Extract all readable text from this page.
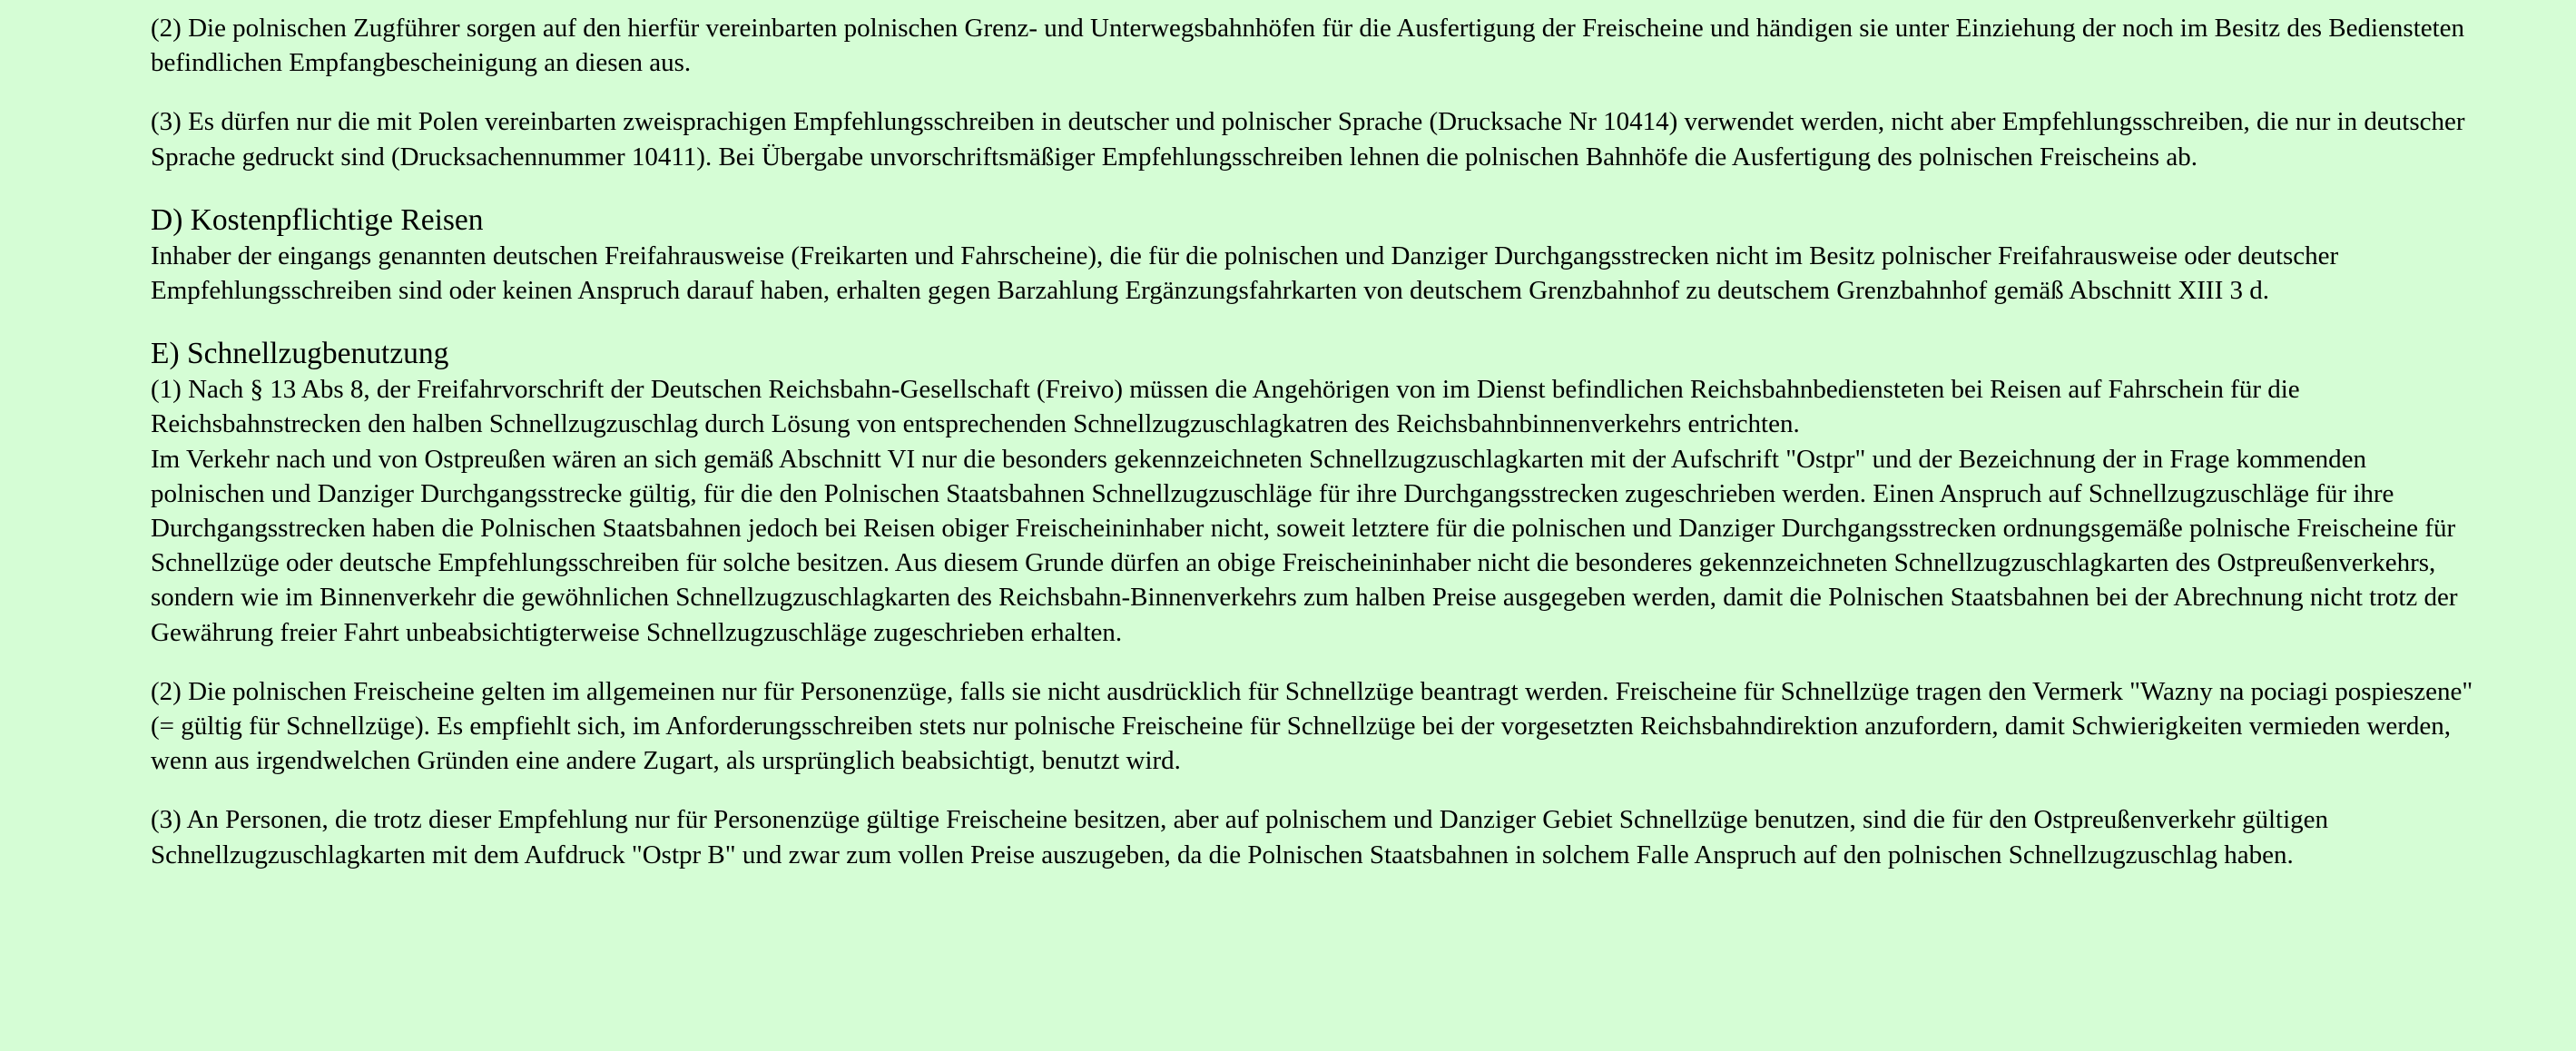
(2) Die polnischen Zugführer sorgen auf den hierfür vereinbarten polnischen Grenz- und Unterwegsbahnhöfen für die Ausfertigung der Freischeine und händigen sie unter Einziehung der noch im Besitz des Bediensteten befindlichen Empfangbescheinigung an diesen aus.

(3) Es dürfen nur die mit Polen vereinbarten zweisprachigen Empfehlungsschreiben in deutscher und polnischer Sprache (Drucksache Nr 10414) verwendet werden, nicht aber Empfehlungsschreiben, die nur in deutscher Sprache gedruckt sind (Drucksachennummer 10411). Bei Übergabe unvorschriftsmäßiger Empfehlungsschreiben lehnen die polnischen Bahnhöfe die Ausfertigung des polnischen Freischeins ab.

D) Kostenpflichtige Reisen

Inhaber der eingangs genannten deutschen Freifahrausweise (Freikarten und Fahrscheine), die für die polnischen und Danziger Durchgangsstrecken nicht im Besitz polnischer Freifahrausweise oder deutscher Empfehlungsschreiben sind oder keinen Anspruch darauf haben, erhalten gegen Barzahlung Ergänzungsfahrkarten von deutschem Grenzbahnhof zu deutschem Grenzbahnhof gemäß Abschnitt XIII 3 d.

E) Schnellzugbenutzung

(1) Nach § 13 Abs 8, der Freifahrvorschrift der Deutschen Reichsbahn-Gesellschaft (Freivo) müssen die Angehörigen von im Dienst befindlichen Reichsbahnbediensteten bei Reisen auf Fahrschein für die Reichsbahnstrecken den halben Schnellzugzuschlag durch Lösung von entsprechenden Schnellzugzuschlagkatren des Reichsbahnbinnenverkehrs entrichten.

Im Verkehr nach und von Ostpreußen wären an sich gemäß Abschnitt VI nur die besonders gekennzeichneten Schnellzugzuschlagkarten mit der Aufschrift "Ostpr" und der Bezeichnung der in Frage kommenden polnischen und Danziger Durchgangsstrecke gültig, für die den Polnischen Staatsbahnen Schnellzugzuschläge für ihre Durchgangsstrecken zugeschrieben werden. Einen Anspruch auf Schnellzugzuschläge für ihre Durchgangsstrecken haben die Polnischen Staatsbahnen jedoch bei Reisen obiger Freischeininhaber nicht, soweit letztere für die polnischen und Danziger Durchgangsstrecken ordnungsgemäße polnische Freischeine für Schnellzüge oder deutsche Empfehlungsschreiben für solche besitzen. Aus diesem Grunde dürfen an obige Freischeininhaber nicht die besonderes gekennzeichneten Schnellzugzuschlagkarten des Ostpreußenverkehrs, sondern wie im Binnenverkehr die gewöhnlichen Schnellzugzuschlagkarten des Reichsbahn-Binnenverkehrs zum halben Preise ausgegeben werden, damit die Polnischen Staatsbahnen bei der Abrechnung nicht trotz der Gewährung freier Fahrt unbeabsichtigterweise Schnellzugzuschläge zugeschrieben erhalten.

(2) Die polnischen Freischeine gelten im allgemeinen nur für Personenzüge, falls sie nicht ausdrücklich für Schnellzüge beantragt werden. Freischeine für Schnellzüge tragen den Vermerk "Wazny na pociagi pospieszene" (= gültig für Schnellzüge). Es empfiehlt sich, im Anforderungsschreiben stets nur polnische Freischeine für Schnellzüge bei der vorgesetzten Reichsbahndirektion anzufordern, damit Schwierigkeiten vermieden werden, wenn aus irgendwelchen Gründen eine andere Zugart, als ursprünglich beabsichtigt, benutzt wird.

(3) An Personen, die trotz dieser Empfehlung nur für Personenzüge gültige Freischeine besitzen, aber auf polnischem und Danziger Gebiet Schnellzüge benutzen, sind die für den Ostpreußenverkehr gültigen Schnellzugzuschlagkarten mit dem Aufdruck "Ostpr B" und zwar zum vollen Preise auszugeben, da die Polnischen Staatsbahnen in solchem Falle Anspruch auf den polnischen Schnellzugzuschlag haben.
